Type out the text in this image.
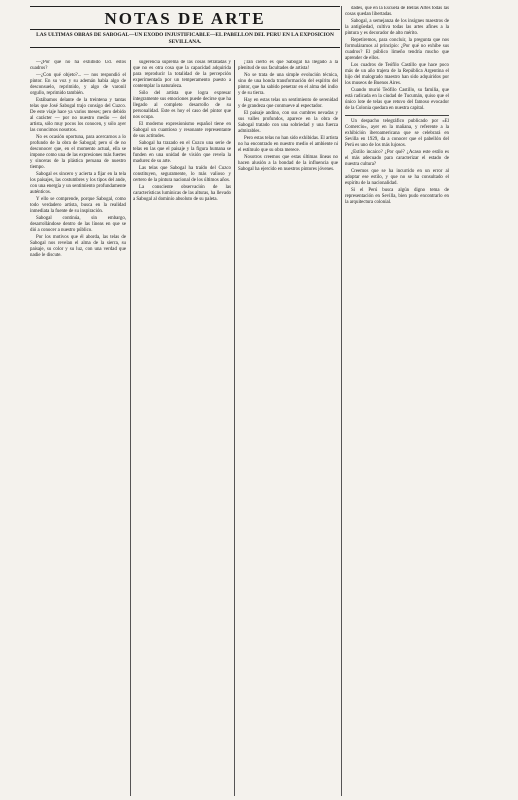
NOTAS DE ARTE
LAS ULTIMAS OBRAS DE SABOGAL—UN EXODO INJUSTIFICABLE—EL PABELLON DEL PERU EN LA EXPOSICION SEVILLANA.

—¿Por qué no ha exhibido Ud. estos cuadros?

—¿Con qué objeto?... — nos respondió el pintor. En su voz y su ademán había algo de desconsuelo, reprimido, y algo de varonil orgullo, reprimido también.

Estábamos delante de la treintena y tantas telas que José Sabogal trajo consigo del Cuzco. De este viaje hace ya varios meses; pero debido al carácter — por no nuestro medio — del artista, sólo muy pocos los conocen, y sólo ayer las conocimos nosotros.

No es ocasión oportuna, para acercarnos a lo profundo de la obra de Sabogal; pero sí de no desconocer que, en el momento actual, ella se impone como una de las expresiones más fuertes y sinceras de la plástica peruana de nuestro tiempo.

Sabogal es sincero y acierta a fijar en la tela los paisajes, las costumbres y los tipos del ande, con una energía y un sentimiento profundamente auténticos.

Y ello se comprende, porque Sabogal, como todo verdadero artista, busca en la realidad inmediata la fuente de su inspiración.

Sabogal continúa, sin embargo, desarrollándose dentro de las líneas en que se dió a conocer a nuestro público.

Por los motivos que él aborda, las telas de Sabogal nos revelan el alma de la sierra, su paisaje, su color y su luz, con una verdad que nadie le discute.

sugerencia suprema de las cosas retratadas y que no es otra cosa que la capacidad adquirida para reproducir la totalidad de la percepción experimentada por un temperamento puesto a contemplar la naturaleza.

Sólo del artista que logra expresar íntegramente sus emociones puede decirse que ha llegado al completo desarrollo de su personalidad. Este es hoy el caso del pintor que nos ocupa.

El moderno expresionismo español tiene en Sabogal un cuantioso y resonante representante de sus actitudes.

Sabogal ha trazado en el Cuzco una serie de telas en las que el paisaje y la figura humana se funden en una unidad de visión que revela la madurez de su arte.

Las telas que Sabogal ha traído del Cuzco constituyen, seguramente, lo más valioso y certero de la pintura nacional de los últimos años.

La consciente observación de las características lumínicas de las alturas, ha llevado a Sabogal al dominio absoluto de su paleta.

¡Tan cierto es que Sabogal ha llegado a la plenitud de sus facultades de artista!

No se trata de una simple evolución técnica, sino de una honda transformación del espíritu del pintor, que ha sabido penetrar en el alma del indio y de su tierra.

Hay en estas telas un sentimiento de serenidad y de grandeza que conmueve al espectador.

El paisaje andino, con sus cumbres nevadas y sus valles profundos, aparece en la obra de Sabogal tratado con una sobriedad y una fuerza admirables.

Pero estas telas no han sido exhibidas. El artista no ha encontrado en nuestro medio el ambiente ni el estímulo que su obra merece.

Nosotros creemos que estas últimas líneas no hacen alusión a la bondad de la influencia que Sabogal ha ejercido en nuestros pintores jóvenes.

dades, que en la Escuela de Bellas Artes todas las cosas quedan libertadas.

Sabogal, a semejanza de los insignes maestros de la antigüedad, cultiva todas las artes afines a la pintura y es decorador de alto mérito.

Repetiremos, para concluir, la pregunta que nos formuláramos al principio: ¿Por qué no exhibe sus cuadros? El público limeño tendría mucho que aprender de ellos.

Los cuadros de Teófilo Castillo que hace poco más de un año trajera de la República Argentina el hijo del malogrado maestro han sido adquiridos por los museos de Buenos Aires.

Cuando murió Teófilo Castillo, su familia, que está radicada en la ciudad de Tucumán, quiso que el único lote de telas que retuvo del famoso evocador de la Colonia quedara en nuestra capital.

Un despacho telegráfico publicado por «El Comercio», ayer en la mañana, y referente a la exhibición iberoamericana que se celebrará en Sevilla en 1929, da a conocer que el pabellón del Perú es uno de los más lujosos.

¿Estilo incaico? ¿Por qué? ¿Acaso este estilo es el más adecuado para caracterizar el estado de nuestra cultura?

Creemos que se ha incurrido en un error al adoptar ese estilo, y que no se ha consultado el espíritu de la nacionalidad.

Si el Perú busca algún digno tema de representación en Sevilla, bien pudo encontrarlo en la arquitectura colonial.
